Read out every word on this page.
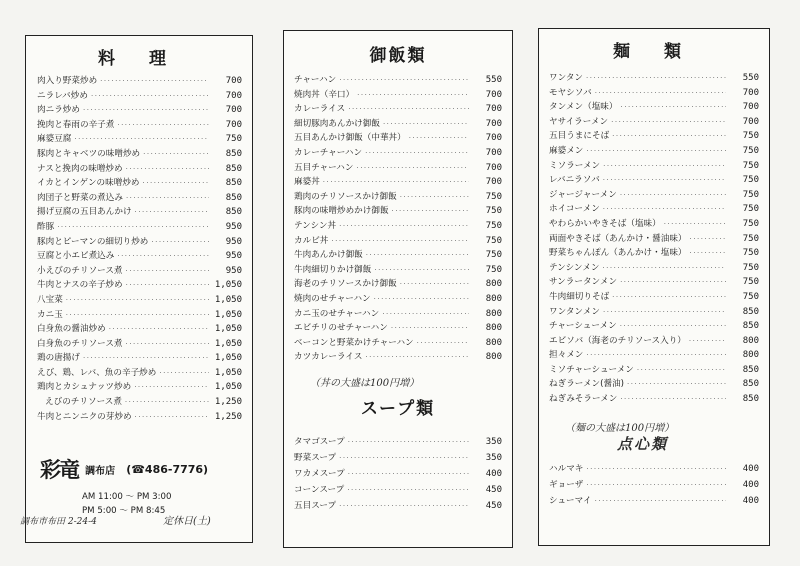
料 理
肉入り野菜炒め ·····	700
ニラレバ炒め ·····	700
肉ニラ炒め ·····	700
挽肉と春雨の辛子煮 ·····	700
麻婆豆腐 ·····	750
豚肉とキャベツの味噌炒め ·····	850
ナスと挽肉の味噌炒め ·····	850
イカとインゲンの味噌炒め ·····	850
肉団子と野菜の煮込み ·····	850
揚げ豆腐の五目あんかけ ·····	850
酢豚 ·····	950
豚肉とピーマンの細切り炒め ·····	950
豆腐と小エビ煮込み ·····	950
小えびのチリソース煮 ·····	950
牛肉とナスの辛子炒め ·····	1,050
八宝菜 ·····	1,050
カニ玉 ·····	1,050
白身魚の醤油炒め ·····	1,050
白身魚のチリソース煮 ·····	1,050
鶏の唐揚げ ·····	1,050
えび、鶏、レバ、魚の辛子炒め ·····	1,050
鶏肉とカシュナッツ炒め ·····	1,050
えびのチリソース煮 ·····	1,250
牛肉とニンニクの芽炒め ·····	1,250
彩竜 調布店 (☎486-7776)
AM 11:00 ～ PM 3:00
PM 5:00 ～ PM 8:45
調布市布田 2-24-4	定休日(土)
御飯類
チャーハン ·····	550
焼肉丼（辛口） ·····	700
カレーライス ·····	700
細切豚肉あんかけ御飯 ·····	700
五目あんかけ御飯（中華丼） ·····	700
カレーチャーハン ·····	700
五目チャーハン ·····	700
麻婆丼 ·····	700
鶏肉のチリソースかけ御飯 ·····	750
豚肉の味噌炒めかけ御飯 ·····	750
テンシン丼 ·····	750
カルビ丼 ·····	750
牛肉あんかけ御飯 ·····	750
牛肉細切りかけ御飯 ·····	750
海老のチリソースかけ御飯 ·····	800
焼肉のせチャーハン ·····	800
カニ玉のせチャーハン ·····	800
エビチリのせチャーハン ·····	800
ベーコンと野菜かけチャーハン ·····	800
カツカレーライス ·····	800
（丼の大盛は100円増）
スープ類
タマゴスープ ·····	350
野菜スープ ·····	350
ワカメスープ ·····	400
コーンスープ ·····	450
五目スープ ·····	450
麺 類
ワンタン ·····	550
モヤシソバ ·····	700
タンメン（塩味） ·····	700
ヤサイラーメン ·····	700
五目うまにそば ·····	750
麻婆メン ·····	750
ミソラーメン ·····	750
レバニラソバ ·····	750
ジャージャーメン ·····	750
ホイコーメン ·····	750
やわらかいやきそば（塩味） ·····	750
両面やきそば（あんかけ・醤油味） ·····	750
野菜ちゃんぽん（あんかけ・塩味） ·····	750
テンシンメン ·····	750
サンラータンメン ·····	750
牛肉細切りそば ·····	750
ワンタンメン ·····	850
チャーシューメン ·····	850
エビソバ（海老のチリソース入り） ·····	800
担々メン ·····	800
ミソチャーシューメン ·····	850
ねぎラーメン(醤油) ·····	850
ねぎみそラーメン ·····	850
（麺の大盛は100円増）
点心類
ハルマキ ·····	400
ギョーザ ·····	400
シューマイ ·····	400
